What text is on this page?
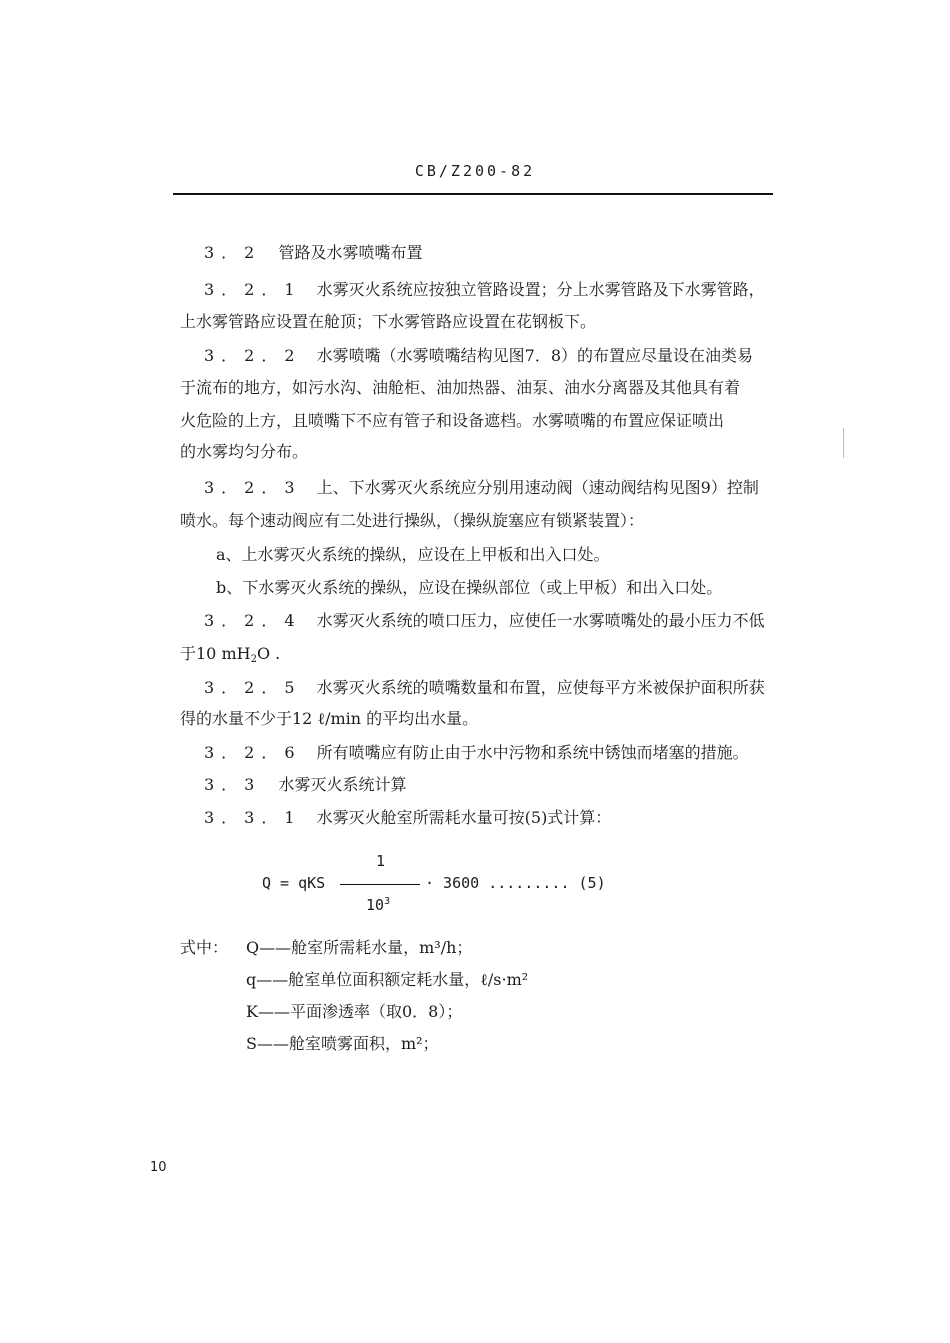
CB/Z200-82
3．2 管路及水雾喷嘴布置
3．2．1 水雾灭火系统应按独立管路设置；分上水雾管路及下水雾管路，
上水雾管路应设置在舱顶；下水雾管路应设置在花钢板下。
3．2．2 水雾喷嘴（水雾喷嘴结构见图7．8）的布置应尽量设在油类易
于流布的地方，如污水沟、油舱柜、油加热器、油泵、油水分离器及其他具有着
火危险的上方，且喷嘴下不应有管子和设备遮档。水雾喷嘴的布置应保证喷出
的水雾均匀分布。
3．2．3 上、下水雾灭火系统应分别用速动阀（速动阀结构见图9）控制
喷水。每个速动阀应有二处进行操纵，（操纵旋塞应有锁紧装置）：
a、上水雾灭火系统的操纵，应设在上甲板和出入口处。
b、下水雾灭火系统的操纵，应设在操纵部位（或上甲板）和出入口处。
3．2．4 水雾灭火系统的喷口压力，应使任一水雾喷嘴处的最小压力不低
于10 $mH_2O$ .
3．2．5 水雾灭火系统的喷嘴数量和布置，应使每平方米被保护面积所获
得的水量不少于12 ℓ/min 的平均出水量。
3．2．6 所有喷嘴应有防止由于水中污物和系统中锈蚀而堵塞的措施。
3．3 水雾灭火系统计算
3．3．1 水雾灭火舱室所需耗水量可按(5)式计算：
Q = qKS
1
$10^3$
· 3600 ......... (5)
式中： Q——舱室所需耗水量，m³/h；
q——舱室单位面积额定耗水量，ℓ/s·m²
K——平面渗透率（取0．8）；
S——舱室喷雾面积，m²；
10
